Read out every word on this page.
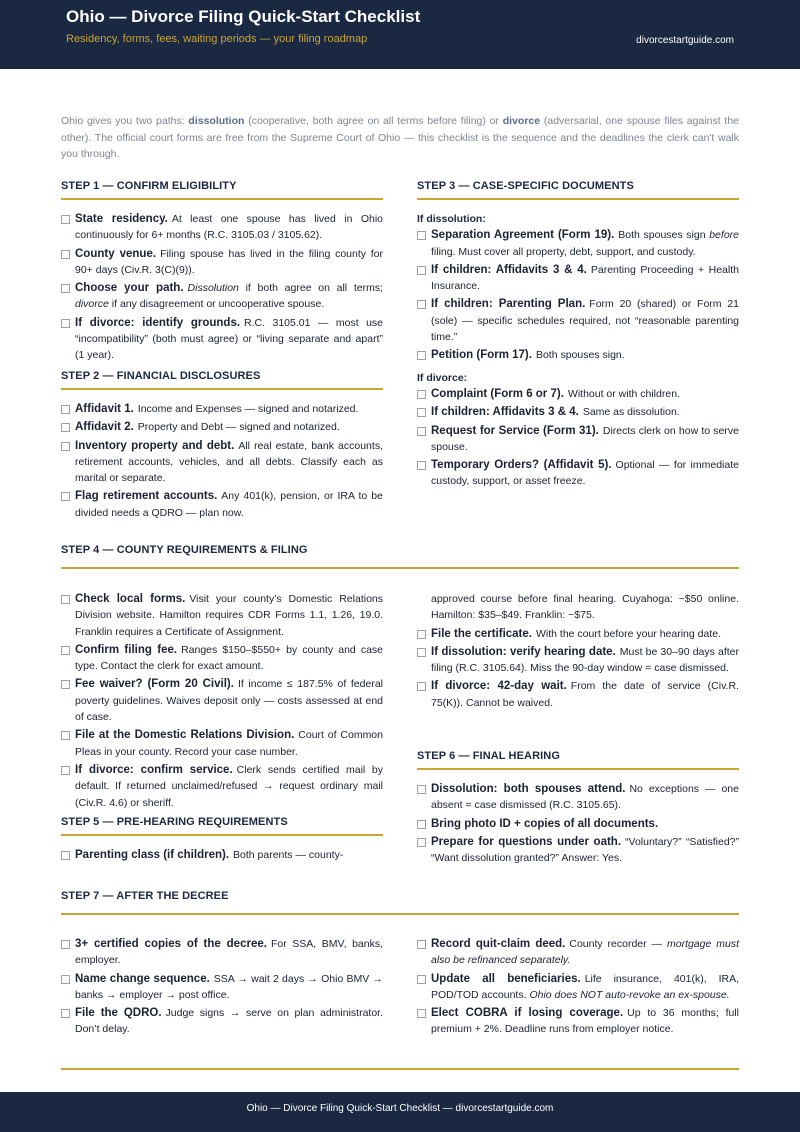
Ohio — Divorce Filing Quick-Start Checklist
Residency, forms, fees, waiting periods — your filing roadmap	divorcestartguide.com
Ohio gives you two paths: dissolution (cooperative, both agree on all terms before filing) or divorce (adversarial, one spouse files against the other). The official court forms are free from the Supreme Court of Ohio — this checklist is the sequence and the deadlines the clerk can't walk you through.
STEP 1 — CONFIRM ELIGIBILITY
State residency. At least one spouse has lived in Ohio continuously for 6+ months (R.C. 3105.03 / 3105.62).
County venue. Filing spouse has lived in the filing county for 90+ days (Civ.R. 3(C)(9)).
Choose your path. Dissolution if both agree on all terms; divorce if any disagreement or uncooperative spouse.
If divorce: identify grounds. R.C. 3105.01 — most use “incompatibility” (both must agree) or “living separate and apart” (1 year).
STEP 2 — FINANCIAL DISCLOSURES
Affidavit 1. Income and Expenses — signed and notarized.
Affidavit 2. Property and Debt — signed and notarized.
Inventory property and debt. All real estate, bank accounts, retirement accounts, vehicles, and all debts. Classify each as marital or separate.
Flag retirement accounts. Any 401(k), pension, or IRA to be divided needs a QDRO — plan now.
STEP 3 — CASE-SPECIFIC DOCUMENTS
If dissolution:
Separation Agreement (Form 19). Both spouses sign before filing. Must cover all property, debt, support, and custody.
If children: Affidavits 3 & 4. Parenting Proceeding + Health Insurance.
If children: Parenting Plan. Form 20 (shared) or Form 21 (sole) — specific schedules required, not “reasonable parenting time.”
Petition (Form 17). Both spouses sign.
If divorce:
Complaint (Form 6 or 7). Without or with children.
If children: Affidavits 3 & 4. Same as dissolution.
Request for Service (Form 31). Directs clerk on how to serve spouse.
Temporary Orders? (Affidavit 5). Optional — for immediate custody, support, or asset freeze.
STEP 4 — COUNTY REQUIREMENTS & FILING
Check local forms. Visit your county’s Domestic Relations Division website. Hamilton requires CDR Forms 1.1, 1.26, 19.0. Franklin requires a Certificate of Assignment.
Confirm filing fee. Ranges $150–$550+ by county and case type. Contact the clerk for exact amount.
Fee waiver? (Form 20 Civil). If income ≤ 187.5% of federal poverty guidelines. Waives deposit only — costs assessed at end of case.
File at the Domestic Relations Division. Court of Common Pleas in your county. Record your case number.
If divorce: confirm service. Clerk sends certified mail by default. If returned unclaimed/refused → request ordinary mail (Civ.R. 4.6) or sheriff.
STEP 5 — PRE-HEARING REQUIREMENTS
Parenting class (if children). Both parents — county-
approved course before final hearing. Cuyahoga: ~$50 online. Hamilton: $35–$49. Franklin: ~$75.
File the certificate. With the court before your hearing date.
If dissolution: verify hearing date. Must be 30–90 days after filing (R.C. 3105.64). Miss the 90-day window = case dismissed.
If divorce: 42-day wait. From the date of service (Civ.R. 75(K)). Cannot be waived.
STEP 6 — FINAL HEARING
Dissolution: both spouses attend. No exceptions — one absent = case dismissed (R.C. 3105.65).
Bring photo ID + copies of all documents.
Prepare for questions under oath. “Voluntary?” “Satisfied?” “Want dissolution granted?” Answer: Yes.
STEP 7 — AFTER THE DECREE
3+ certified copies of the decree. For SSA, BMV, banks, employer.
Name change sequence. SSA → wait 2 days → Ohio BMV → banks → employer → post office.
File the QDRO. Judge signs → serve on plan administrator. Don’t delay.
Record quit-claim deed. County recorder — mortgage must also be refinanced separately.
Update all beneficiaries. Life insurance, 401(k), IRA, POD/TOD accounts. Ohio does NOT auto-revoke an ex-spouse.
Elect COBRA if losing coverage. Up to 36 months; full premium + 2%. Deadline runs from employer notice.
Ohio — Divorce Filing Quick-Start Checklist — divorcestartguide.com
